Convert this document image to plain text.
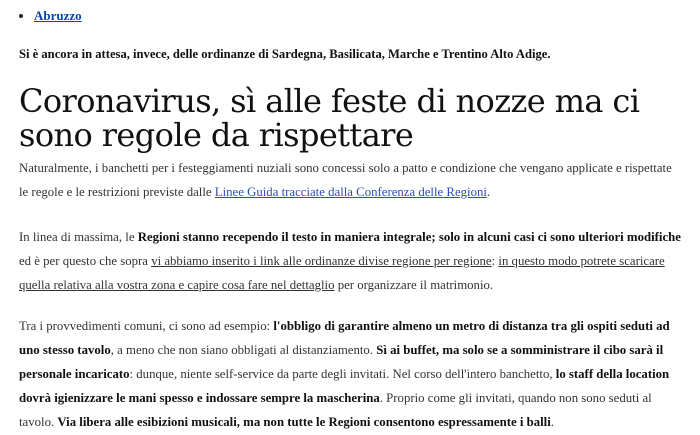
• Abruzzo
Si è ancora in attesa, invece, delle ordinanze di Sardegna, Basilicata, Marche e Trentino Alto Adige.
Coronavirus, sì alle feste di nozze ma ci sono regole da rispettare

Naturalmente, i banchetti per i festeggiamenti nuziali sono concessi solo a patto e condizione che vengano applicate e rispettate le regole e le restrizioni previste dalle Linee Guida tracciate dalla Conferenza delle Regioni.

In linea di massima, le Regioni stanno recependo il testo in maniera integrale; solo in alcuni casi ci sono ulteriori modifiche ed è per questo che sopra vi abbiamo inserito i link alle ordinanze divise regione per regione: in questo modo potrete scaricare quella relativa alla vostra zona e capire cosa fare nel dettaglio per organizzare il matrimonio.

Tra i provvedimenti comuni, ci sono ad esempio: l'obbligo di garantire almeno un metro di distanza tra gli ospiti seduti ad uno stesso tavolo, a meno che non siano obbligati al distanziamento. Sì ai buffet, ma solo se a somministrare il cibo sarà il personale incaricato: dunque, niente self-service da parte degli invitati. Nel corso dell'intero banchetto, lo staff della location dovrà igienizzare le mani spesso e indossare sempre la mascherina. Proprio come gli invitati, quando non sono seduti al tavolo. Via libera alle esibizioni musicali, ma non tutte le Regioni consentono espressamente i balli.
